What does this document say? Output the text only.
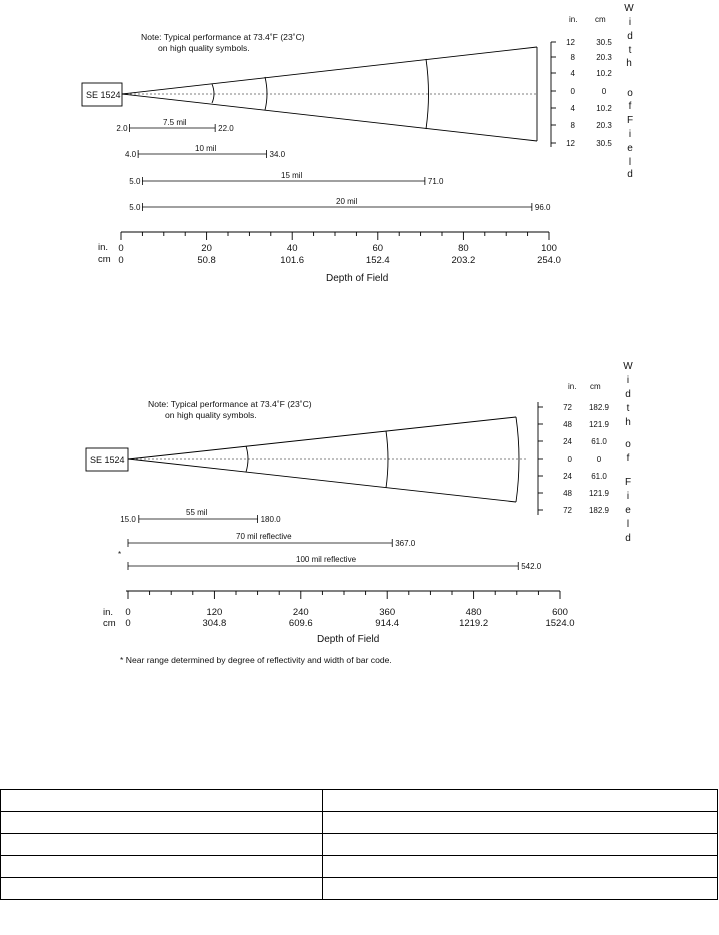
Note: Typical performance at 73.4˚F (23˚C)
on high quality symbols.
SE 1524
in. cm
12	30.5
8	20.3
4	10.2
0	0
4	10.2
8	20.3
12	30.5
W
i
d
t
h
o
f
F
i
e
l
d
2.0	22.0
7.5 mil
4.0	34.0
10 mil
5.0	71.0
15 mil
5.0	96.0
20 mil
in.
cm
0
0
20
50.8
40
101.6
60
152.4
80
203.2
100
254.0
Depth of Field
Note: Typical performance at 73.4˚F (23˚C)
on high quality symbols.
SE 1524
in. cm
72 182.9
48 121.9
24 61.0
0	0
24 61.0
48 121.9
72 182.9
W
i
d
t
h
o
f
F
i
e
l
d
15.0	180.0
55 mil
*
367.0
70 mil reflective
542.0
100 mil reflective
in.
cm
0
0
120
304.8
240
609.6
360
914.4
480
1219.2
600
1524.0
Depth of Field
* Near range determined by degree of reflectivity and width of bar code.
